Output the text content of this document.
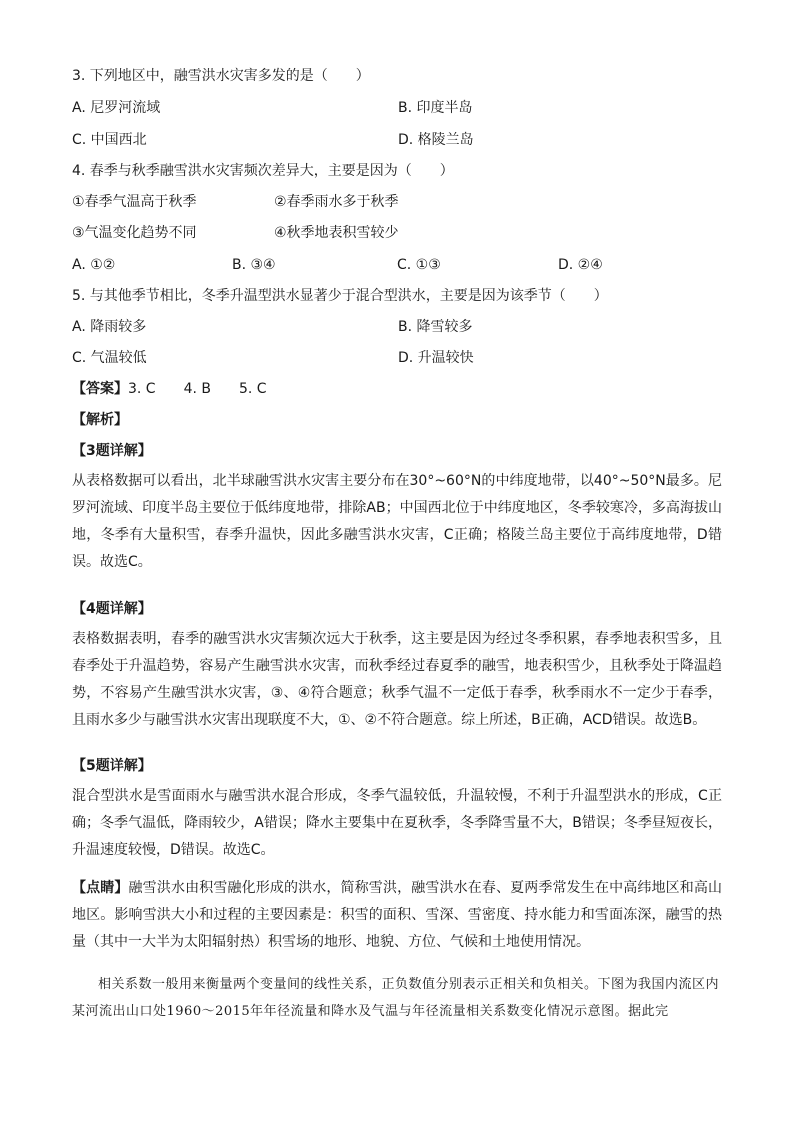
3. 下列地区中，融雪洪水灾害多发的是（　　）
A. 尼罗河流域	B. 印度半岛
C. 中国西北	D. 格陵兰岛
4. 春季与秋季融雪洪水灾害频次差异大，主要是因为（　　）
①春季气温高于秋季	②春季雨水多于秋季
③气温变化趋势不同	④秋季地表积雪较少
A. ①②	B. ③④	C. ①③	D. ②④
5. 与其他季节相比，冬季升温型洪水显著少于混合型洪水，主要是因为该季节（　　）
A. 降雨较多	B. 降雪较多
C. 气温较低	D. 升温较快
【答案】3. C　　4. B　　5. C
【解析】
【3题详解】
从表格数据可以看出，北半球融雪洪水灾害主要分布在30°~60°N的中纬度地带，以40°~50°N最多。尼罗河流域、印度半岛主要位于低纬度地带，排除AB；中国西北位于中纬度地区，冬季较寒冷，多高海拔山地，冬季有大量积雪，春季升温快，因此多融雪洪水灾害，C正确；格陵兰岛主要位于高纬度地带，D错误。故选C。
【4题详解】
表格数据表明，春季的融雪洪水灾害频次远大于秋季，这主要是因为经过冬季积累，春季地表积雪多，且春季处于升温趋势，容易产生融雪洪水灾害，而秋季经过春夏季的融雪，地表积雪少，且秋季处于降温趋势，不容易产生融雪洪水灾害，③、④符合题意；秋季气温不一定低于春季，秋季雨水不一定少于春季，且雨水多少与融雪洪水灾害出现联度不大，①、②不符合题意。综上所述，B正确，ACD错误。故选B。
【5题详解】
混合型洪水是雪面雨水与融雪洪水混合形成，冬季气温较低，升温较慢，不利于升温型洪水的形成，C正确；冬季气温低，降雨较少，A错误；降水主要集中在夏秋季，冬季降雪量不大，B错误；冬季昼短夜长，升温速度较慢，D错误。故选C。
【点睛】融雪洪水由积雪融化形成的洪水，简称雪洪，融雪洪水在春、夏两季常发生在中高纬地区和高山地区。影响雪洪大小和过程的主要因素是：积雪的面积、雪深、雪密度、持水能力和雪面冻深，融雪的热量（其中一大半为太阳辐射热）积雪场的地形、地貌、方位、气候和土地使用情况。
相关系数一般用来衡量两个变量间的线性关系，正负数值分别表示正相关和负相关。下图为我国内流区内某河流出山口处1960～2015年年径流量和降水及气温与年径流量相关系数变化情况示意图。据此完
